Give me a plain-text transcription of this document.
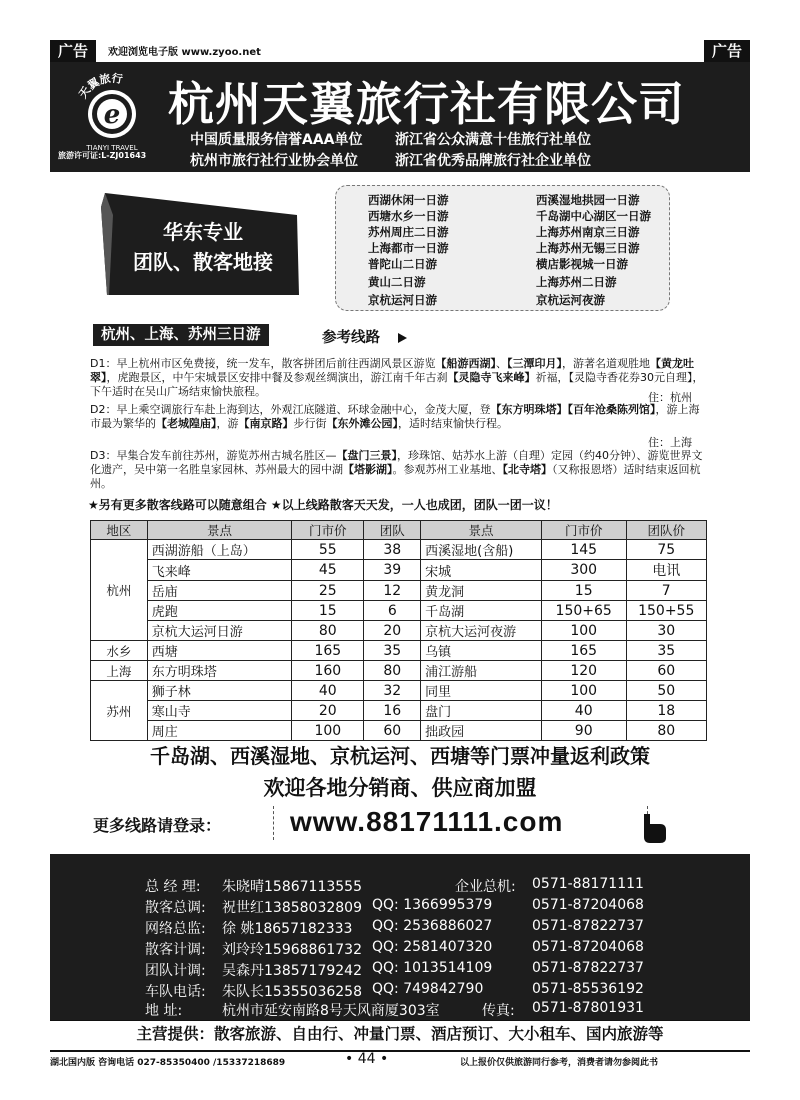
广告	欢迎浏览电子版 www.zyoo.net	广告
天翼旅行
e
TIANYI TRAVEL
杭州天翼旅行社有限公司
中国质量服务信誉AAA单位 浙江省公众满意十佳旅行社单位
杭州市旅行社行业协会单位	浙江省优秀品牌旅行社企业单位
旅游许可证:L-ZJ01643
华东专业
团队、散客地接
西湖休闲一日游
西塘水乡一日游
苏州周庄二日游
上海都市一日游
普陀山二日游
黄山二日游
京杭运河日游
西溪湿地拱园一日游
千岛湖中心湖区一日游
上海苏州南京三日游
上海苏州无锡三日游
横店影视城一日游
上海苏州二日游
京杭运河夜游
杭州、上海、苏州三日游	参考线路

D1：早上杭州市区免费接，统一发车，散客拼团后前往西湖风景区游览【船游西湖】、【三潭印月】，游著名道观胜地【黄龙吐翠】，虎跑景区，中午宋城景区安排中餐及参观丝绸演出，游江南千年古刹【灵隐寺飞来峰】祈福，【灵隐寺香花券30元自理】，下午适时在吴山广场结束愉快旅程。	住：杭州

D2：早上乘空调旅行车赴上海到达，外观江底隧道、环球金融中心，金茂大厦，登【东方明珠塔】【百年沧桑陈列馆】，游上海市最为繁华的【老城隍庙】，游【南京路】步行街【东外滩公园】，适时结束愉快行程。

住：上海

D3：早集合发车前往苏州，游览苏州古城名胜区—【盘门三景】，珍珠馆、姑苏水上游（自理）定园（约40分钟）、游览世界文化遗产，吴中第一名胜皇家园林、苏州最大的园中湖【塔影湖】。参观苏州工业基地、【北寺塔】（又称报恩塔）适时结束返回杭州。

★另有更多散客线路可以随意组合 ★以上线路散客天天发，一人也成团，团队一团一议！
地区	景点	门市价	团队	景点	门市价	团队价
杭州	西湖游船（上岛）	55	38	西溪湿地(含船)	145	75
	飞来峰	45	39	宋城	300	电讯
	岳庙	25	12	黄龙洞	15	7
	虎跑	15	6	千岛湖	150+65	150+55
	京杭大运河日游	80	20	京杭大运河夜游	100	30
水乡	西塘	165	35	乌镇	165	35
上海	东方明珠塔	160	80	浦江游船	120	60
苏州	狮子林	40	32	同里	100	50
	寒山寺	20	16	盘门	40	18
	周庄	100	60	拙政园	90	80
千岛湖、西溪湿地、京杭运河、西塘等门票冲量返利政策
欢迎各地分销商、供应商加盟
更多线路请登录： www.88171111.com
总 经 理: 朱晓晴15867113555	企业总机: 0571-88171111
散客总调: 祝世红13858032809 QQ: 1366995379	0571-87204068
网络总监: 徐 姚18657182333 QQ: 2536886027	0571-87822737
散客计调: 刘玲玲15968861732 QQ: 2581407320	0571-87204068
团队计调: 吴森丹13857179242 QQ: 1013514109	0571-87822737
车队电话: 朱队长15355036258 QQ: 749842790	0571-85536192
地 址:	杭州市延安南路8号天风商厦303室	传真: 0571-87801931
主营提供：散客旅游、自由行、冲量门票、酒店预订、大小租车、国内旅游等
湖北国内版 咨询电话 027-85350400 /15337218689	• 44 •	以上报价仅供旅游同行参考，消费者请勿参阅此书
